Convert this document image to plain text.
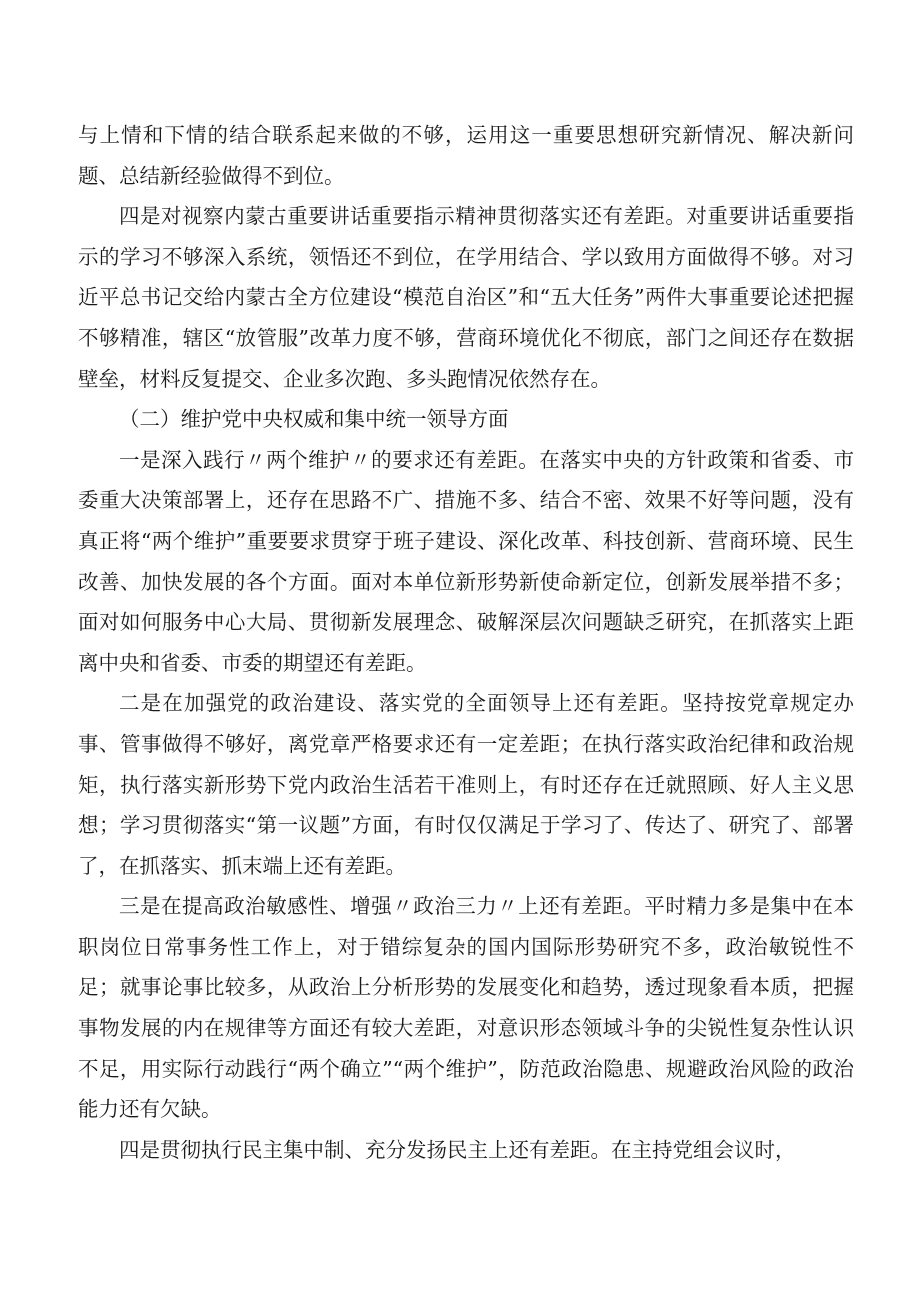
与上情和下情的结合联系起来做的不够，运用这一重要思想研究新情况、解决新问题、总结新经验做得不到位。

四是对视察内蒙古重要讲话重要指示精神贯彻落实还有差距。对重要讲话重要指示的学习不够深入系统，领悟还不到位，在学用结合、学以致用方面做得不够。对习近平总书记交给内蒙古全方位建设“模范自治区”和“五大任务”两件大事重要论述把握不够精准，辖区“放管服”改革力度不够，营商环境优化不彻底，部门之间还存在数据壁垒，材料反复提交、企业多次跑、多头跑情况依然存在。

（二）维护党中央权威和集中统一领导方面

一是深入践行〃两个维护〃的要求还有差距。在落实中央的方针政策和省委、市委重大决策部署上，还存在思路不广、措施不多、结合不密、效果不好等问题，没有真正将“两个维护”重要要求贯穿于班子建设、深化改革、科技创新、营商环境、民生改善、加快发展的各个方面。面对本单位新形势新使命新定位，创新发展举措不多；面对如何服务中心大局、贯彻新发展理念、破解深层次问题缺乏研究，在抓落实上距离中央和省委、市委的期望还有差距。

二是在加强党的政治建设、落实党的全面领导上还有差距。坚持按党章规定办事、管事做得不够好，离党章严格要求还有一定差距；在执行落实政治纪律和政治规矩，执行落实新形势下党内政治生活若干准则上，有时还存在迁就照顾、好人主义思想；学习贯彻落实“第一议题”方面，有时仅仅满足于学习了、传达了、研究了、部署了，在抓落实、抓末端上还有差距。

三是在提高政治敏感性、增强〃政治三力〃上还有差距。平时精力多是集中在本职岗位日常事务性工作上，对于错综复杂的国内国际形势研究不多，政治敏锐性不足；就事论事比较多，从政治上分析形势的发展变化和趋势，透过现象看本质，把握事物发展的内在规律等方面还有较大差距，对意识形态领域斗争的尖锐性复杂性认识不足，用实际行动践行“两个确立”“两个维护”，防范政治隐患、规避政治风险的政治能力还有欠缺。

四是贯彻执行民主集中制、充分发扬民主上还有差距。在主持党组会议时，
